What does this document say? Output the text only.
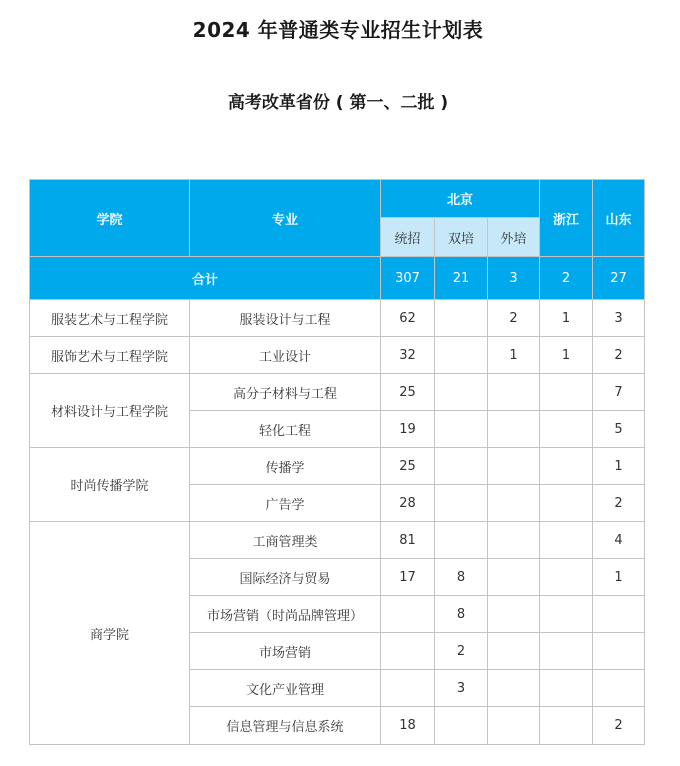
2024 年普通类专业招生计划表
高考改革省份 ( 第一、二批 )
学院	专业	北京			浙江	山东
		统招	双培	外培		
合计		307	21	3	2	27
服装艺术与工程学院	服装设计与工程	62		2	1	3
服饰艺术与工程学院	工业设计	32		1	1	2
材料设计与工程学院	高分子材料与工程	25				7
	轻化工程	19				5
时尚传播学院	传播学	25				1
	广告学	28				2
商学院	工商管理类	81				4
	国际经济与贸易	17	8			1
	市场营销（时尚品牌管理）		8			
	市场营销		2			
	文化产业管理		3			
	信息管理与信息系统	18				2
